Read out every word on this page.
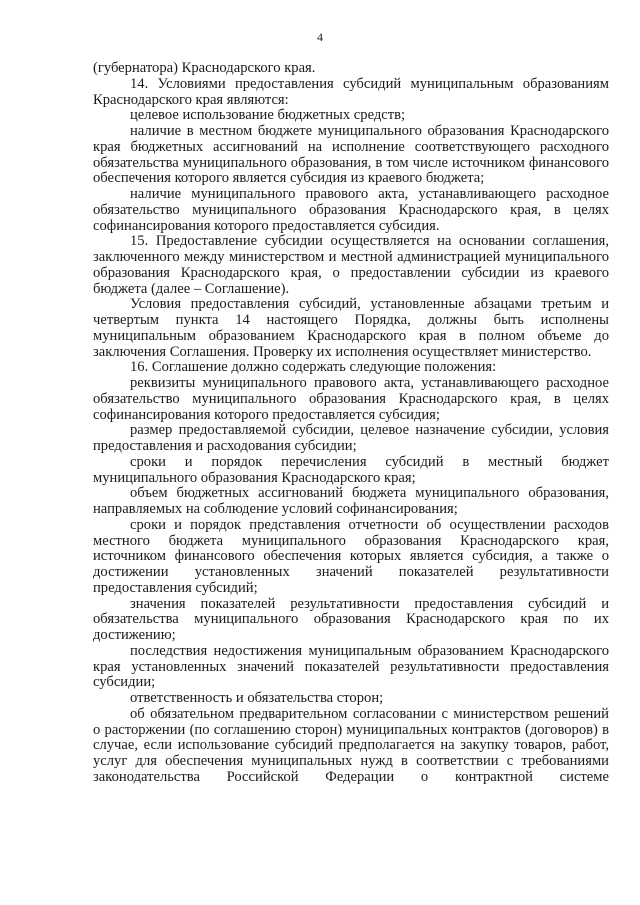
4

(губернатора) Краснодарского края.

14. Условиями предоставления субсидий муниципальным образованиям Краснодарского края являются:

целевое использование бюджетных средств;

наличие в местном бюджете муниципального образования Краснодарского края бюджетных ассигнований на исполнение соответствующего расходного обязательства муниципального образования, в том числе источником финансового обеспечения которого является субсидия из краевого бюджета;

наличие муниципального правового акта, устанавливающего расходное обязательство муниципального образования Краснодарского края, в целях софинансирования которого предоставляется субсидия.

15. Предоставление субсидии осуществляется на основании соглашения, заключенного между министерством и местной администрацией муниципального образования Краснодарского края, о предоставлении субсидии из краевого бюджета (далее – Соглашение).

Условия предоставления субсидий, установленные абзацами третьим и четвертым пункта 14 настоящего Порядка, должны быть исполнены муниципальным образованием Краснодарского края в полном объеме до заключения Соглашения. Проверку их исполнения осуществляет министерство.

16. Соглашение должно содержать следующие положения:

реквизиты муниципального правового акта, устанавливающего расходное обязательство муниципального образования Краснодарского края, в целях софинансирования которого предоставляется субсидия;

размер предоставляемой субсидии, целевое назначение субсидии, условия предоставления и расходования субсидии;

сроки и порядок перечисления субсидий в местный бюджет муниципального образования Краснодарского края;

объем бюджетных ассигнований бюджета муниципального образования, направляемых на соблюдение условий софинансирования;

сроки и порядок представления отчетности об осуществлении расходов местного бюджета муниципального образования Краснодарского края, источником финансового обеспечения которых является субсидия, а также о достижении установленных значений показателей результативности предоставления субсидий;

значения показателей результативности предоставления субсидий и обязательства муниципального образования Краснодарского края по их достижению;

последствия недостижения муниципальным образованием Краснодарского края установленных значений показателей результативности предоставления субсидии;

ответственность и обязательства сторон;

об обязательном предварительном согласовании с министерством решений о расторжении (по соглашению сторон) муниципальных контрактов (договоров) в случае, если использование субсидий предполагается на закупку товаров, работ, услуг для обеспечения муниципальных нужд в соответствии с требованиями законодательства Российской Федерации о контрактной системе
